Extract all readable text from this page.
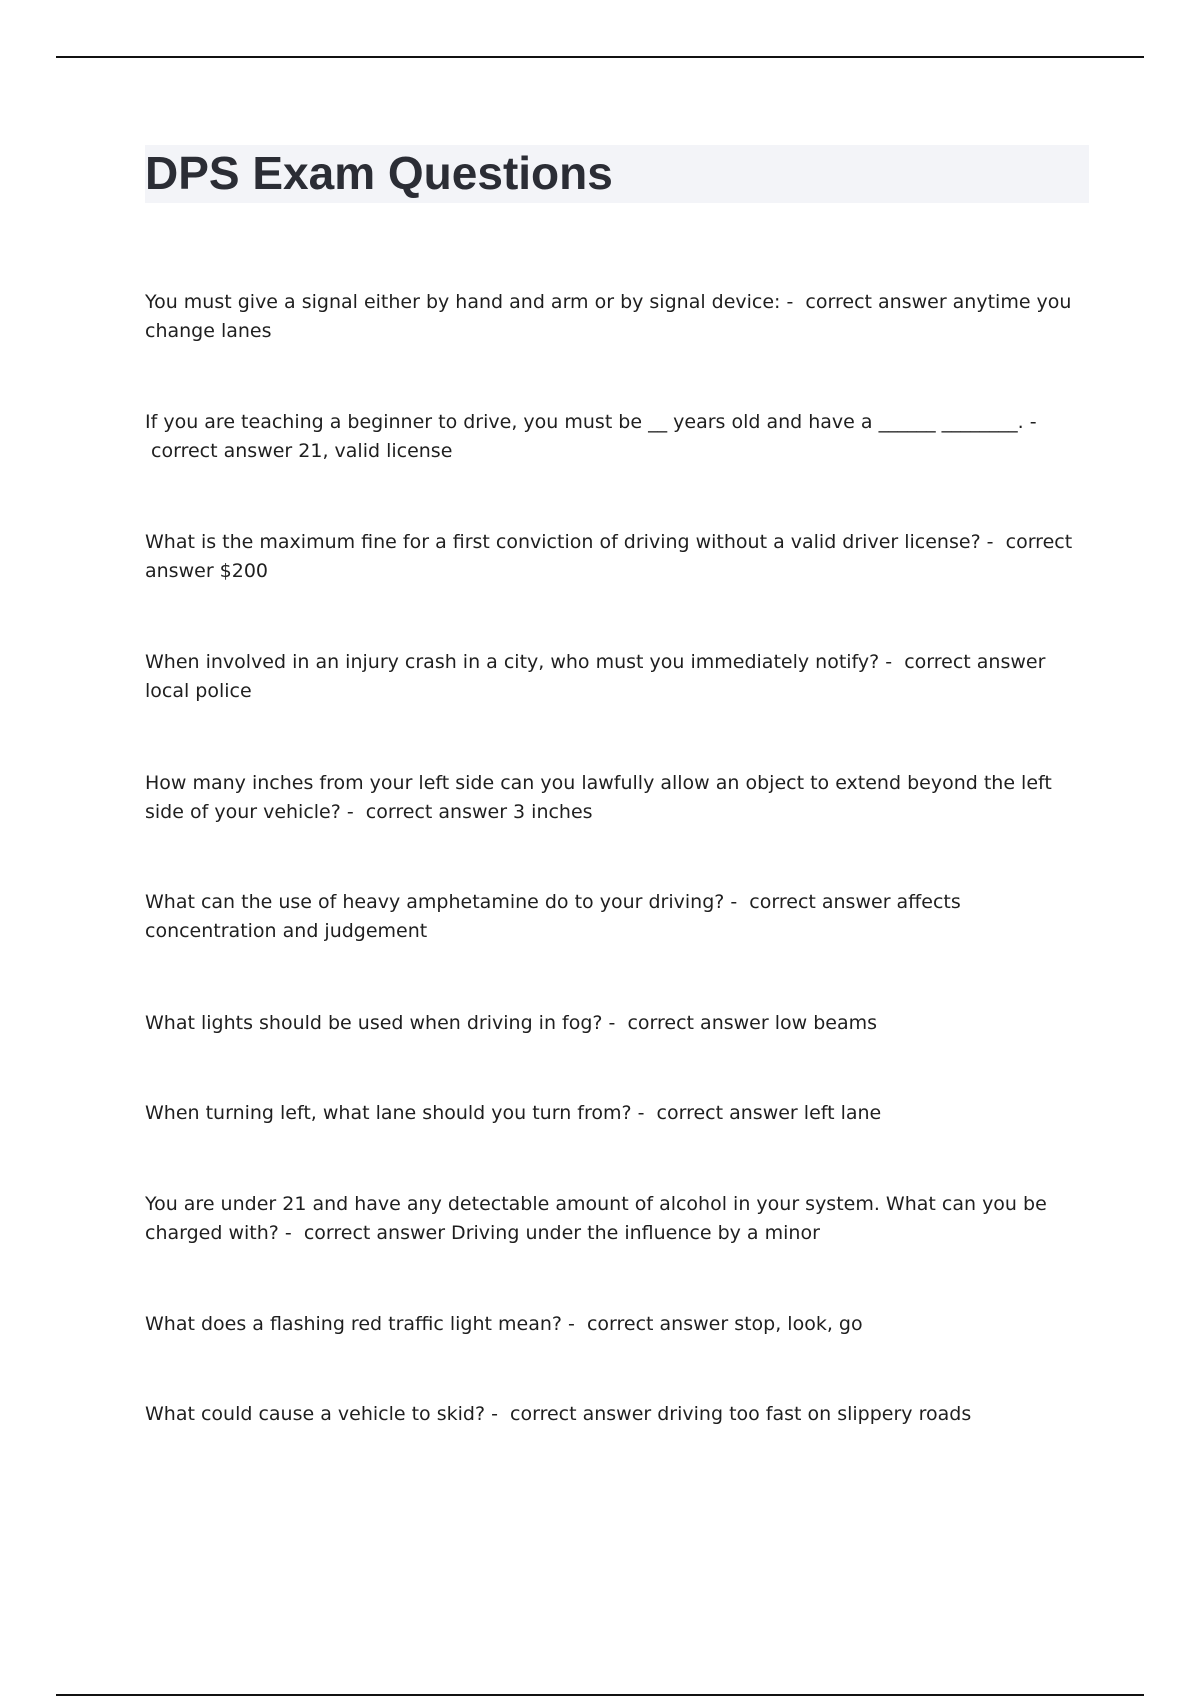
DPS Exam Questions

You must give a signal either by hand and arm or by signal device: -  correct answer anytime you change lanes

If you are teaching a beginner to drive, you must be __ years old and have a ______ ________. -  correct answer 21, valid license

What is the maximum fine for a first conviction of driving without a valid driver license? -  correct answer $200

When involved in an injury crash in a city, who must you immediately notify? -  correct answer local police

How many inches from your left side can you lawfully allow an object to extend beyond the left side of your vehicle? -  correct answer 3 inches

What can the use of heavy amphetamine do to your driving? -  correct answer affects concentration and judgement

What lights should be used when driving in fog? -  correct answer low beams

When turning left, what lane should you turn from? -  correct answer left lane

You are under 21 and have any detectable amount of alcohol in your system. What can you be charged with? -  correct answer Driving under the influence by a minor

What does a flashing red traffic light mean? -  correct answer stop, look, go

What could cause a vehicle to skid? -  correct answer driving too fast on slippery roads
